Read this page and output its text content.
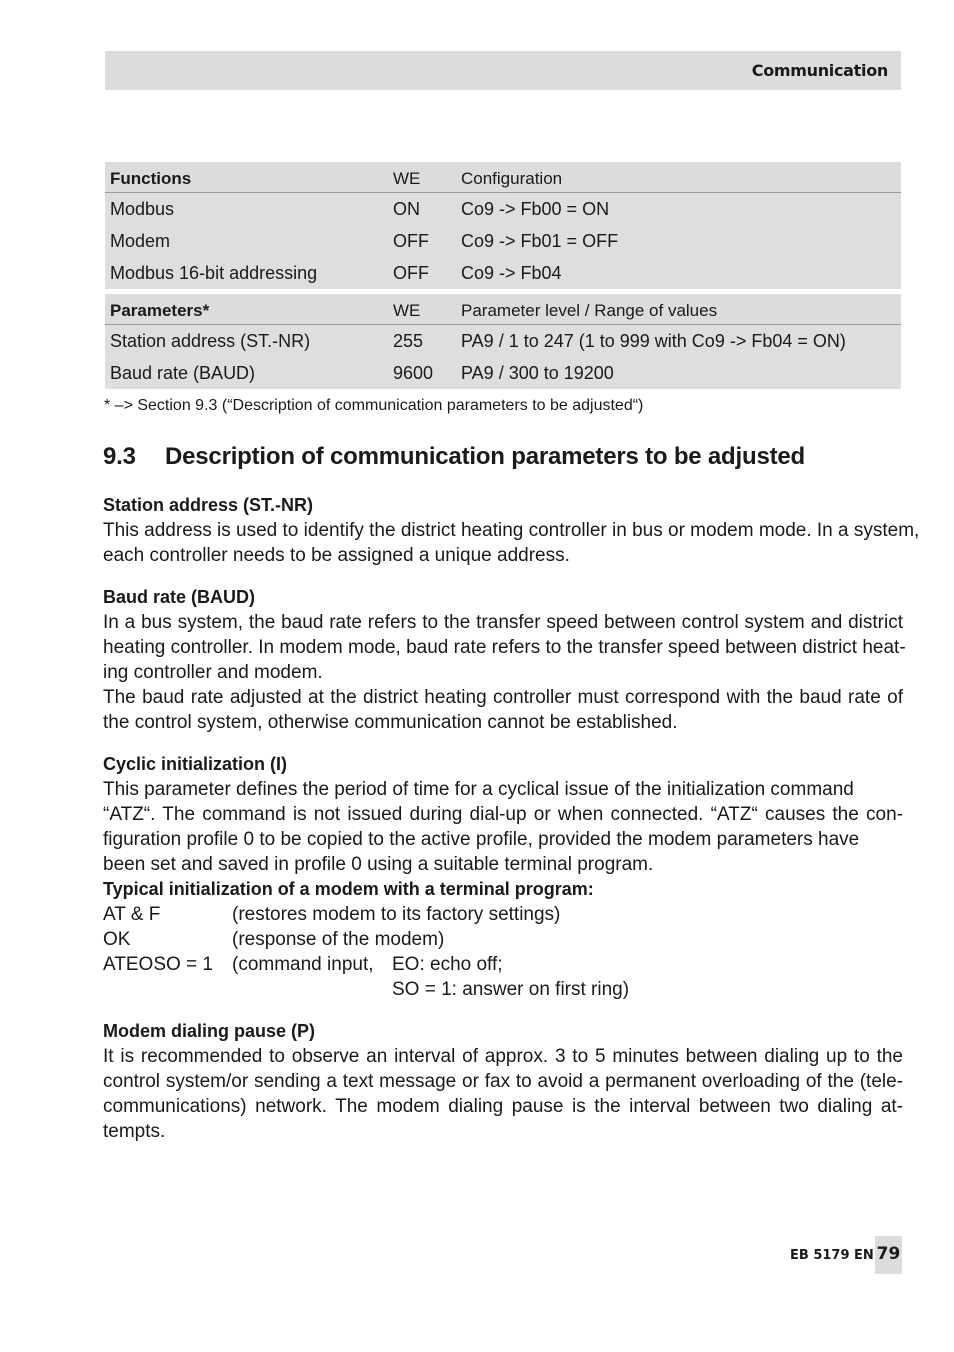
Communication
Functions	WE Configuration
Modbus	ON Co9 -> Fb00 = ON
Modem	OFF Co9 -> Fb01 = OFF
Modbus 16-bit addressing	OFF Co9 -> Fb04
Parameters*	WE Parameter level / Range of values
Station address (ST.-NR)	255 PA9 / 1 to 247 (1 to 999 with Co9 -> Fb04 = ON)
Baud rate (BAUD)	9600 PA9 / 300 to 19200
* –> Section 9.3 (“Description of communication parameters to be adjusted“)
9.3 Description of communication parameters to be adjusted
Station address (ST.-NR)
This address is used to identify the district heating controller in bus or modem mode. In a system,
each controller needs to be assigned a unique address.
Baud rate (BAUD)
In a bus system, the baud rate refers to the transfer speed between control system and district
heating controller. In modem mode, baud rate refers to the transfer speed between district heat-
ing controller and modem.
The baud rate adjusted at the district heating controller must correspond with the baud rate of
the control system, otherwise communication cannot be established.
Cyclic initialization (I)
This parameter defines the period of time for a cyclical issue of the initialization command
“ATZ“. The command is not issued during dial-up or when connected. “ATZ“ causes the con-
figuration profile 0 to be copied to the active profile, provided the modem parameters have
been set and saved in profile 0 using a suitable terminal program.
Typical initialization of a modem with a terminal program:
AT & F	(restores modem to its factory settings)
OK	(response of the modem)
ATEOSO = 1 (command input, EO: echo off;
SO = 1: answer on first ring)
Modem dialing pause (P)
It is recommended to observe an interval of approx. 3 to 5 minutes between dialing up to the
control system/or sending a text message or fax to avoid a permanent overloading of the (tele-
communications) network. The modem dialing pause is the interval between two dialing at-
tempts.
EB 5179 EN 79
